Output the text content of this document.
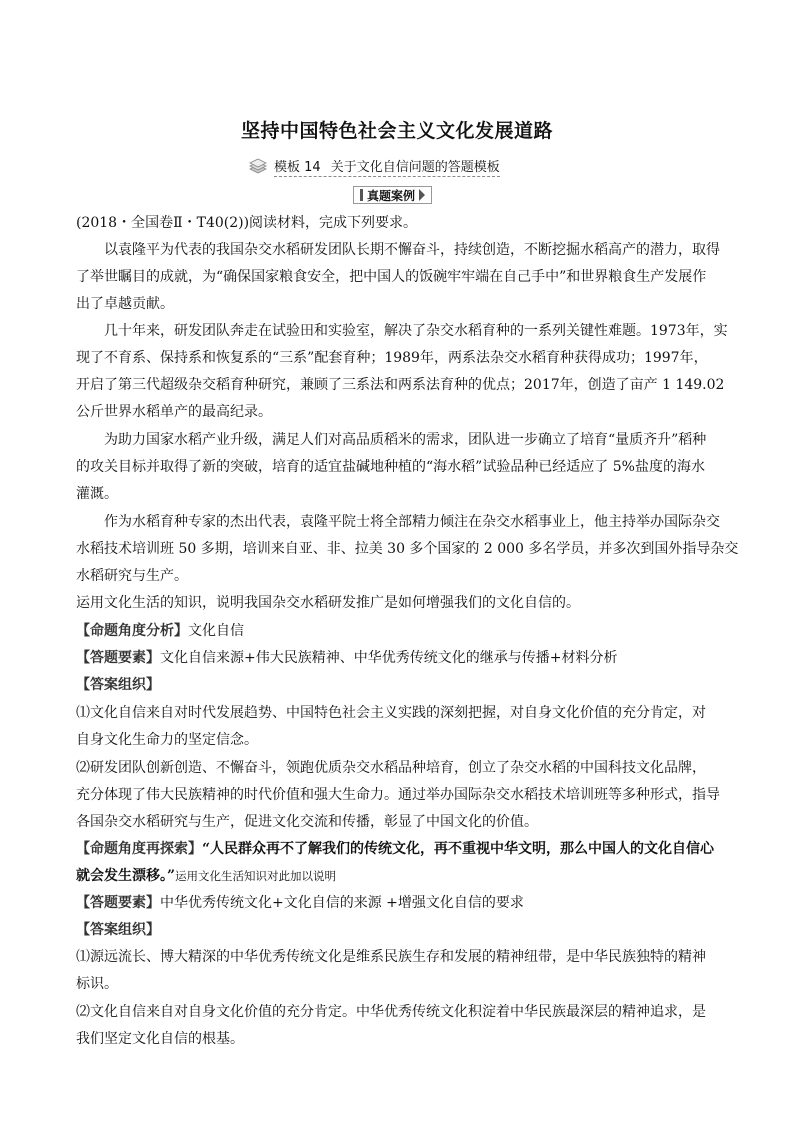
坚持中国特色社会主义文化发展道路
模板 14 关于文化自信问题的答题模板
真题案例
(2018・全国卷Ⅱ・T40(2))阅读材料，完成下列要求。
以袁隆平为代表的我国杂交水稻研发团队长期不懈奋斗，持续创造，不断挖掘水稻高产的潜力，取得
了举世瞩目的成就，为“确保国家粮食安全，把中国人的饭碗牢牢端在自己手中”和世界粮食生产发展作
出了卓越贡献。
几十年来，研发团队奔走在试验田和实验室，解决了杂交水稻育种的一系列关键性难题。1973年，实
现了不育系、保持系和恢复系的“三系”配套育种；1989年，两系法杂交水稻育种获得成功；1997年，
开启了第三代超级杂交稻育种研究，兼顾了三系法和两系法育种的优点；2017年，创造了亩产 1 149.02
公斤世界水稻单产的最高纪录。
为助力国家水稻产业升级，满足人们对高品质稻米的需求，团队进一步确立了培育“量质齐升”稻种
的攻关目标并取得了新的突破，培育的适宜盐碱地种植的“海水稻”试验品种已经适应了 5%盐度的海水
灌溉。
作为水稻育种专家的杰出代表，袁隆平院士将全部精力倾注在杂交水稻事业上，他主持举办国际杂交
水稻技术培训班 50 多期，培训来自亚、非、拉美 30 多个国家的 2 000 多名学员，并多次到国外指导杂交
水稻研究与生产。
运用文化生活的知识，说明我国杂交水稻研发推广是如何增强我们的文化自信的。
【命题角度分析】文化自信
【答题要素】文化自信来源+伟大民族精神、中华优秀传统文化的继承与传播+材料分析
【答案组织】
⑴文化自信来自对时代发展趋势、中国特色社会主义实践的深刻把握，对自身文化价值的充分肯定，对
自身文化生命力的坚定信念。
⑵研发团队创新创造、不懈奋斗，领跑优质杂交水稻品种培育，创立了杂交水稻的中国科技文化品牌，
充分体现了伟大民族精神的时代价值和强大生命力。通过举办国际杂交水稻技术培训班等多种形式，指导
各国杂交水稻研究与生产，促进文化交流和传播，彰显了中国文化的价值。
【命题角度再探索】“人民群众再不了解我们的传统文化，再不重视中华文明，那么中国人的文化自信心
就会发生漂移。”运用文化生活知识对此加以说明
【答题要素】中华优秀传统文化+文化自信的来源 +增强文化自信的要求
【答案组织】
⑴源远流长、博大精深的中华优秀传统文化是维系民族生存和发展的精神纽带，是中华民族独特的精神
标识。
⑵文化自信来自对自身文化价值的充分肯定。中华优秀传统文化积淀着中华民族最深层的精神追求，是
我们坚定文化自信的根基。
